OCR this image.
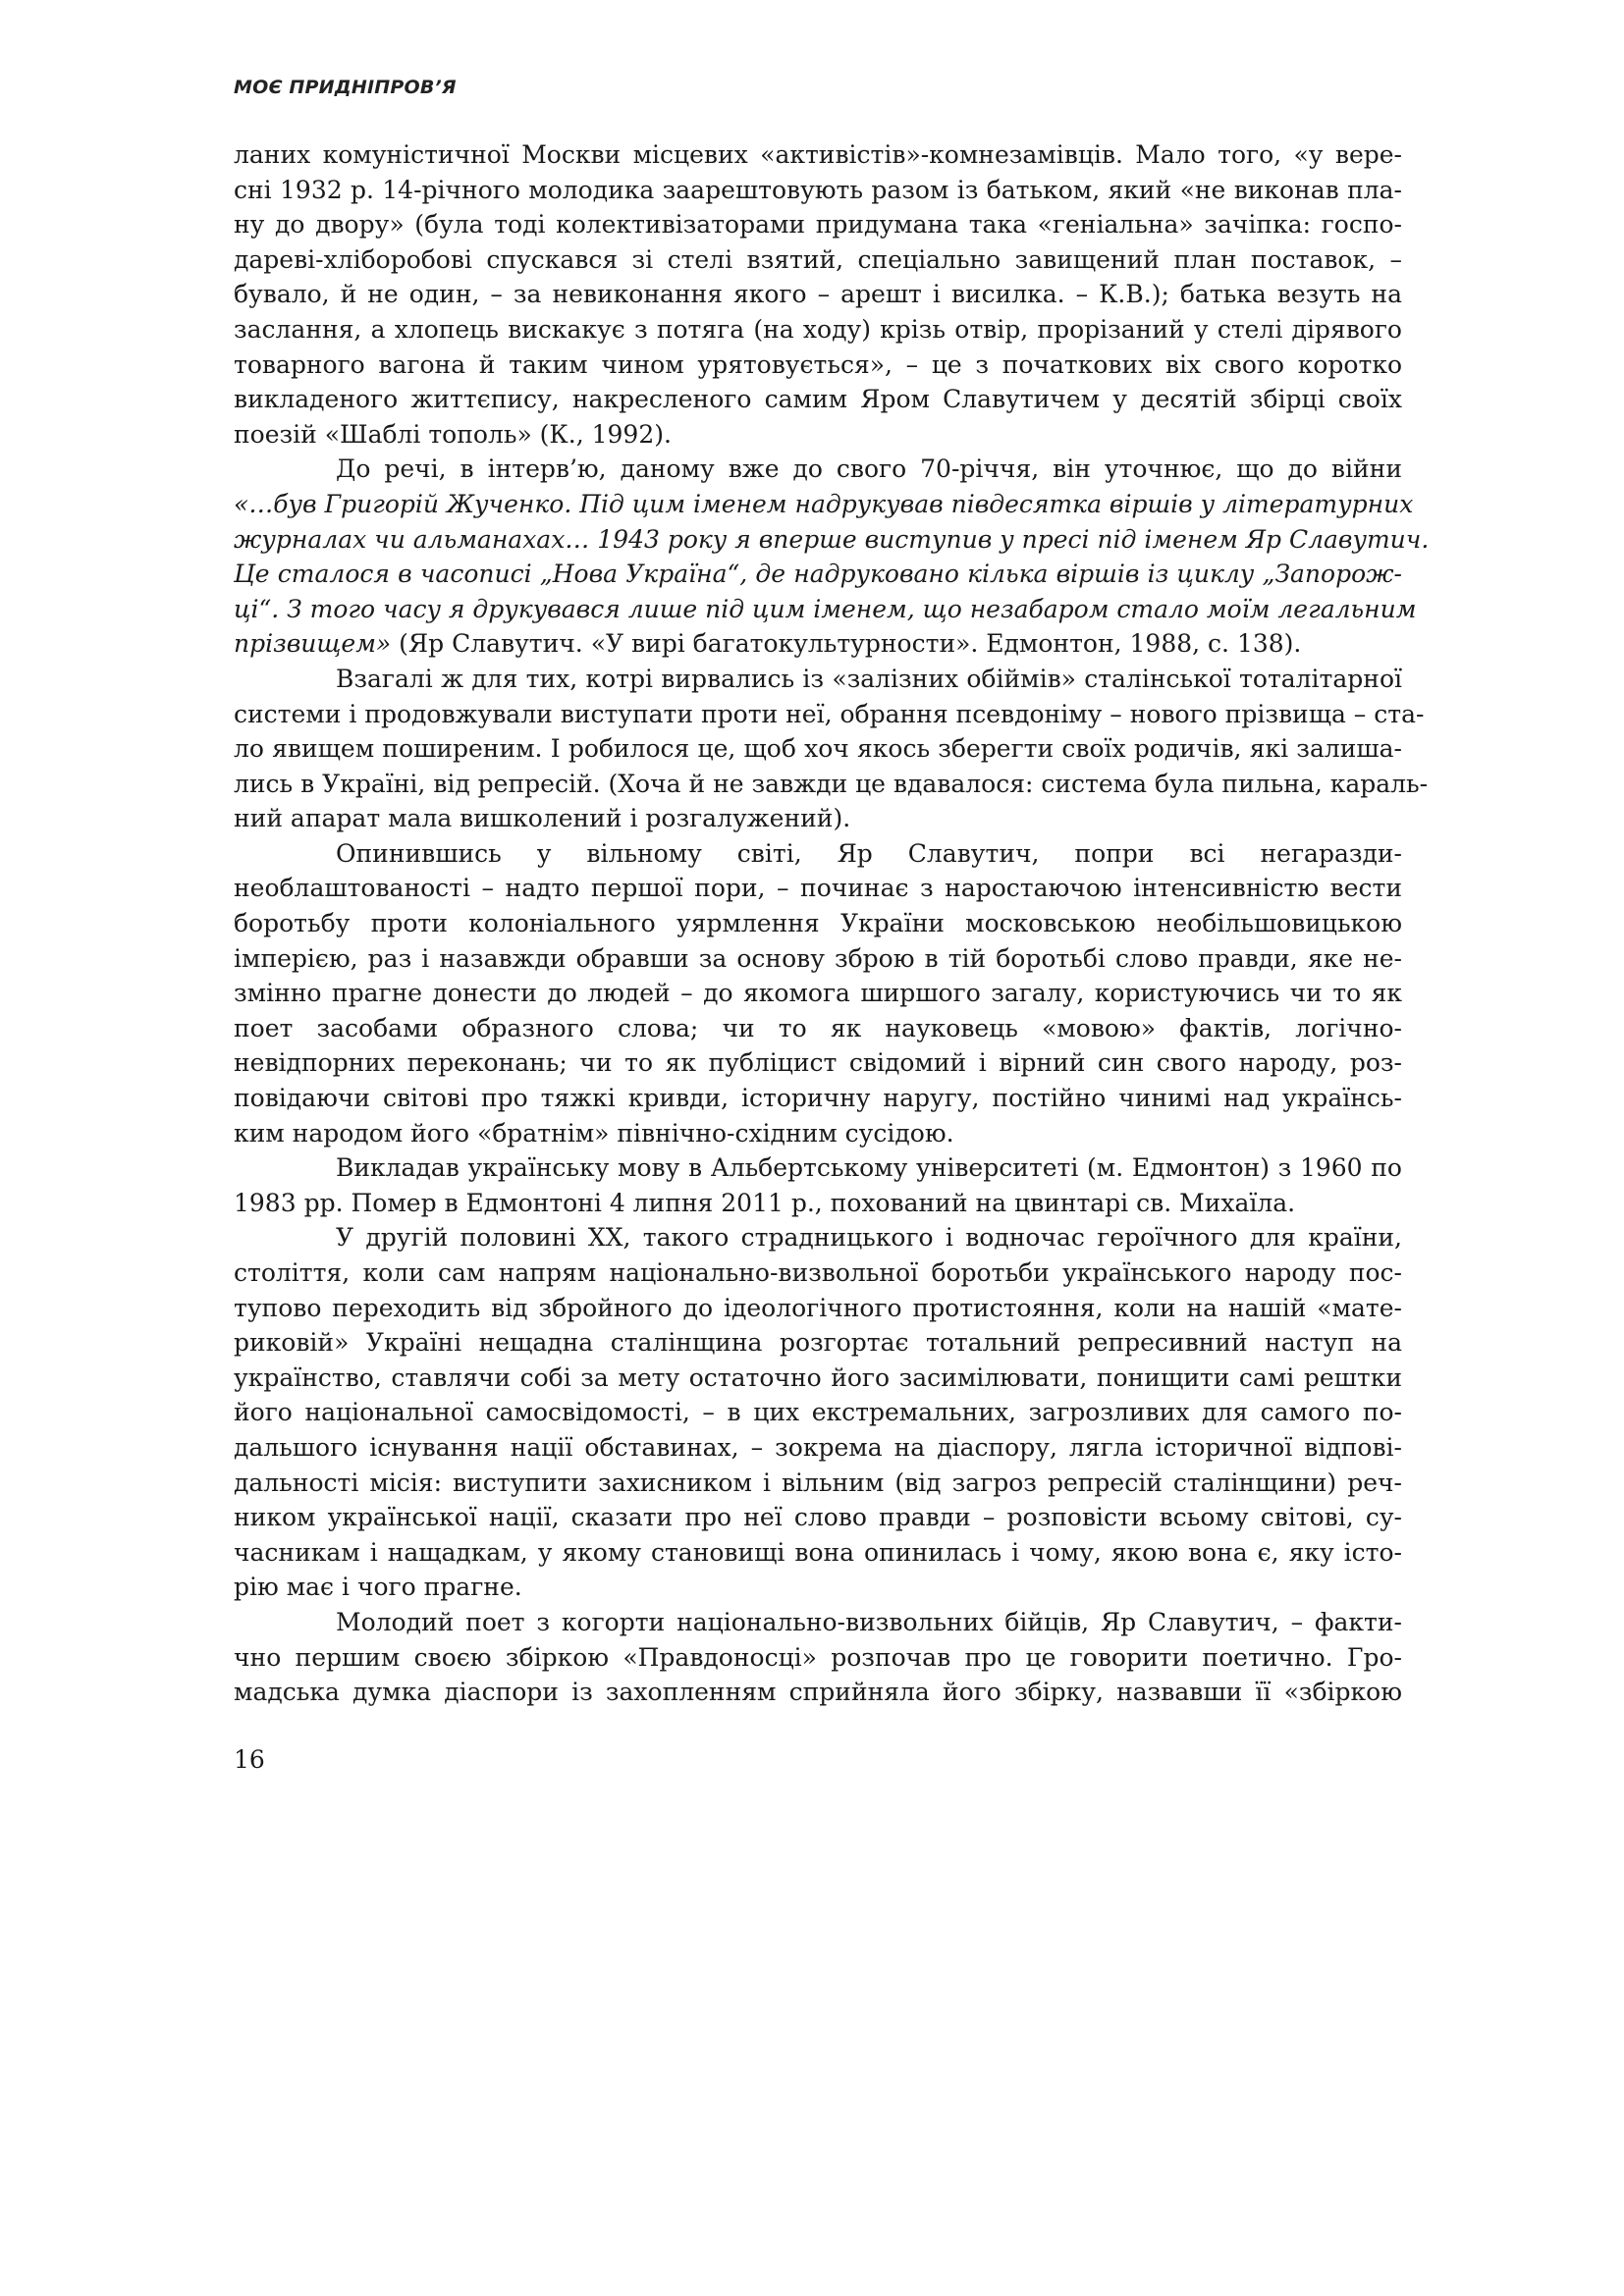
МОЄ ПРИДНІПРОВ’Я

ланих комуністичної Москви місцевих «активістів»-комнезамівців. Мало того, «у вере-
сні 1932 р. 14-річного молодика заарештовують разом із батьком, який «не виконав пла-
ну до двору» (була тоді колективізаторами придумана така «геніальна» зачіпка: госпо-
дареві-хліборобові спускався зі стелі взятий, спеціально завищений план поставок, –
бувало, й не один, – за невиконання якого – арешт і висилка. – К.В.); батька везуть на
заслання, а хлопець вискакує з потяга (на ходу) крізь отвір, прорізаний у стелі дірявого
товарного вагона й таким чином урятовується», – це з початкових віх свого коротко
викладеного життєпису, накресленого самим Яром Славутичем у десятій збірці своїх
поезій «Шаблі тополь» (К., 1992).

До речі, в інтерв’ю, даному вже до свого 70-річчя, він уточнює, що до війни
«…був Григорій Жученко. Під цим іменем надрукував півдесятка віршів у літературних
журналах чи альманахах… 1943 року я вперше виступив у пресі під іменем Яр Славутич.
Це сталося в часописі „Нова Україна“, де надруковано кілька віршів із циклу „Запорож-
ці“. З того часу я друкувався лише під цим іменем, що незабаром стало моїм легальним
прізвищем» (Яр Славутич. «У вирі багатокультурности». Едмонтон, 1988, с. 138).

Взагалі ж для тих, котрі вирвались із «залізних обіймів» сталінської тоталітарної
системи і продовжували виступати проти неї, обрання псевдоніму – нового прізвища – ста-
ло явищем поширеним. І робилося це, щоб хоч якось зберегти своїх родичів, які залиша-
лись в Україні, від репресій. (Хоча й не завжди це вдавалося: система була пильна, караль-
ний апарат мала вишколений і розгалужений).

Опинившись у вільному світі, Яр Славутич, попри всі негаразди-
необлаштованості – надто першої пори, – починає з наростаючою інтенсивністю вести
боротьбу проти колоніального уярмлення України московською необільшовицькою
імперією, раз і назавжди обравши за основу зброю в тій боротьбі слово правди, яке не-
змінно прагне донести до людей – до якомога ширшого загалу, користуючись чи то як
поет засобами образного слова; чи то як науковець «мовою» фактів, логічно-
невідпорних переконань; чи то як публіцист свідомий і вірний син свого народу, роз-
повідаючи світові про тяжкі кривди, історичну наругу, постійно чинимі над українсь-
ким народом його «братнім» північно-східним сусідою.

Викладав українську мову в Альбертському університеті (м. Едмонтон) з 1960 по
1983 рр. Помер в Едмонтоні 4 липня 2011 р., похований на цвинтарі св. Михаїла.

У другій половині ХХ, такого страдницького і водночас героїчного для країни,
століття, коли сам напрям національно-визвольної боротьби українського народу пос-
тупово переходить від збройного до ідеологічного протистояння, коли на нашій «мате-
риковій» Україні нещадна сталінщина розгортає тотальний репресивний наступ на
українство, ставлячи собі за мету остаточно його засимілювати, понищити самі рештки
його національної самосвідомості, – в цих екстремальних, загрозливих для самого по-
дальшого існування нації обставинах, – зокрема на діаспору, лягла історичної відпові-
дальності місія: виступити захисником і вільним (від загроз репресій сталінщини) реч-
ником української нації, сказати про неї слово правди – розповісти всьому світові, су-
часникам і нащадкам, у якому становищі вона опинилась і чому, якою вона є, яку істо-
рію має і чого прагне.

Молодий поет з когорти національно-визвольних бійців, Яр Славутич, – факти-
чно першим своєю збіркою «Правдоносці» розпочав про це говорити поетично. Гро-
мадська думка діаспори із захопленням сприйняла його збірку, назвавши її «збіркою

16
